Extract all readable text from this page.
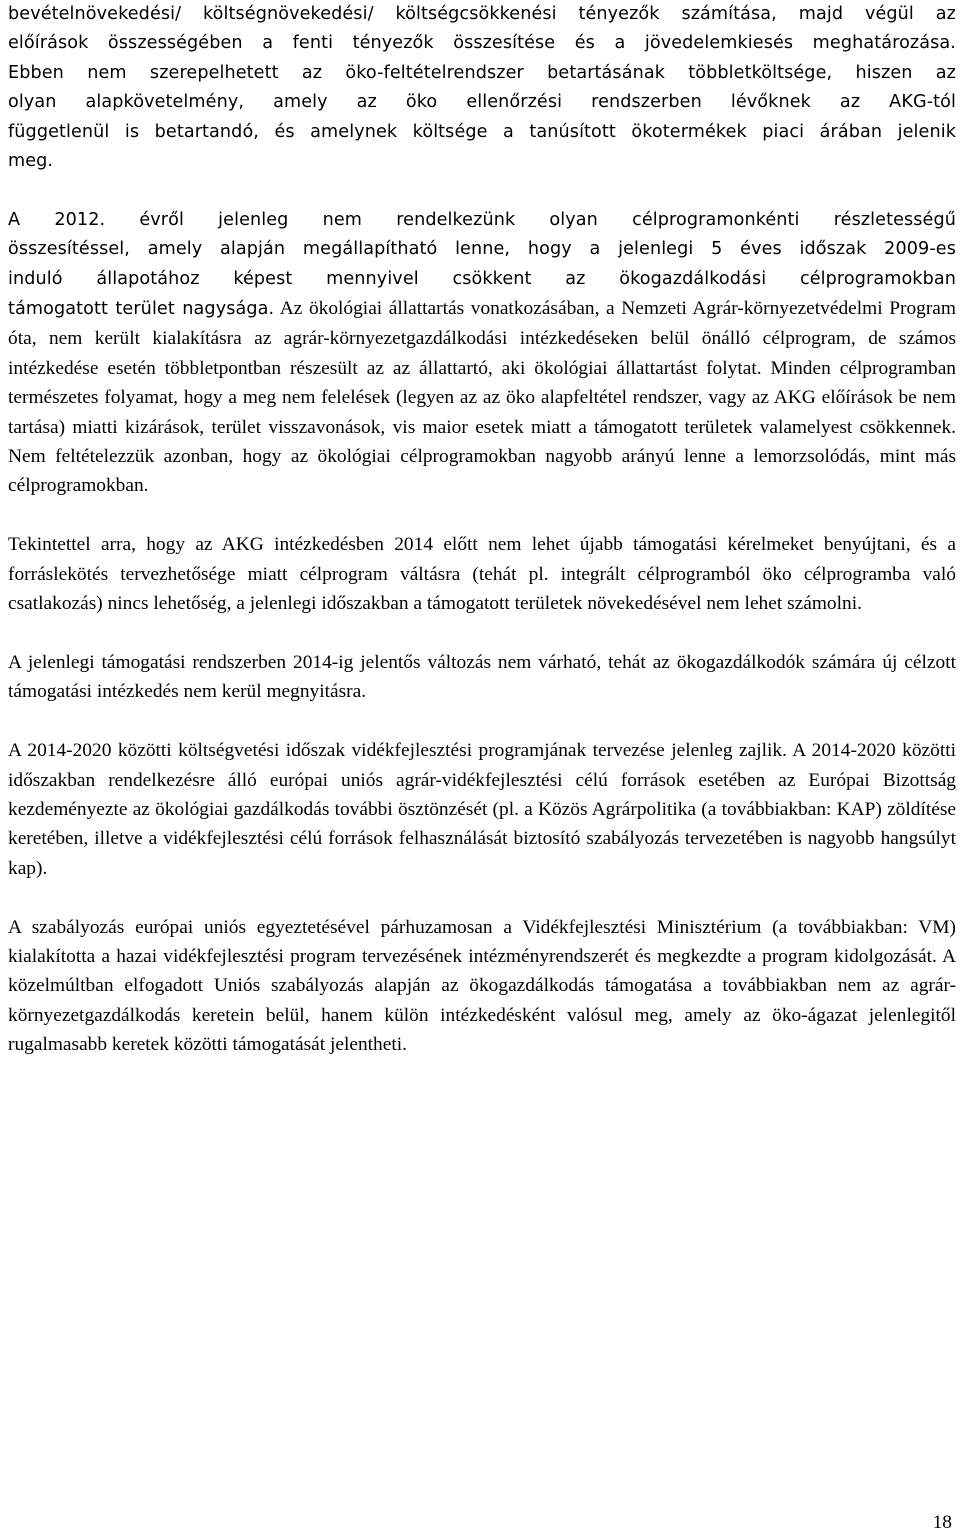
bevételnövekedési/ költségnövekedési/ költségcsökkenési tényezők számítása, majd végül az
előírások összességében a fenti tényezők összesítése és a jövedelemkiesés meghatározása.
Ebben nem szerepelhetett az öko-feltételrendszer betartásának többletköltsége, hiszen az
olyan alapkövetelmény, amely az öko ellenőrzési rendszerben lévőknek az AKG-tól
függetlenül is betartandó, és amelynek költsége a tanúsított ökotermékek piaci árában jelenik
meg.
A 2012. évről jelenleg nem rendelkezünk olyan célprogramonkénti részletességű
összesítéssel, amely alapján megállapítható lenne, hogy a jelenlegi 5 éves időszak 2009-es
induló állapotához képest mennyivel csökkent az ökogazdálkodási célprogramokban
támogatott terület nagysága. Az ökológiai állattartás vonatkozásában, a Nemzeti Agrár-környezetvédelmi Program óta, nem került kialakításra az agrár-környezetgazdálkodási intézkedéseken belül önálló célprogram, de számos intézkedése esetén többletpontban részesült az az állattartó, aki ökológiai állattartást folytat. Minden célprogramban természetes folyamat, hogy a meg nem felelések (legyen az az öko alapfeltétel rendszer, vagy az AKG előírások be nem tartása) miatti kizárások, terület visszavonások, vis maior esetek miatt a támogatott területek valamelyest csökkennek. Nem feltételezzük azonban, hogy az ökológiai célprogramokban nagyobb arányú lenne a lemorzsolódás, mint más célprogramokban.

Tekintettel arra, hogy az AKG intézkedésben 2014 előtt nem lehet újabb támogatási kérelmeket benyújtani, és a forráslekötés tervezhetősége miatt célprogram váltásra (tehát pl. integrált célprogramból öko célprogramba való csatlakozás) nincs lehetőség, a jelenlegi időszakban a támogatott területek növekedésével nem lehet számolni.

A jelenlegi támogatási rendszerben 2014-ig jelentős változás nem várható, tehát az ökogazdálkodók számára új célzott támogatási intézkedés nem kerül megnyitásra.

A 2014-2020 közötti költségvetési időszak vidékfejlesztési programjának tervezése jelenleg zajlik. A 2014-2020 közötti időszakban rendelkezésre álló európai uniós agrár-vidékfejlesztési célú források esetében az Európai Bizottság kezdeményezte az ökológiai gazdálkodás további ösztönzését (pl. a Közös Agrárpolitika (a továbbiakban: KAP) zöldítése keretében, illetve a vidékfejlesztési célú források felhasználását biztosító szabályozás tervezetében is nagyobb hangsúlyt kap).

A szabályozás európai uniós egyeztetésével párhuzamosan a Vidékfejlesztési Minisztérium (a továbbiakban: VM) kialakította a hazai vidékfejlesztési program tervezésének intézményrendszerét és megkezdte a program kidolgozását. A közelmúltban elfogadott Uniós szabályozás alapján az ökogazdálkodás támogatása a továbbiakban nem az agrár-környezetgazdálkodás keretein belül, hanem külön intézkedésként valósul meg, amely az öko-ágazat jelenlegitől rugalmasabb keretek közötti támogatását jelentheti.

18
